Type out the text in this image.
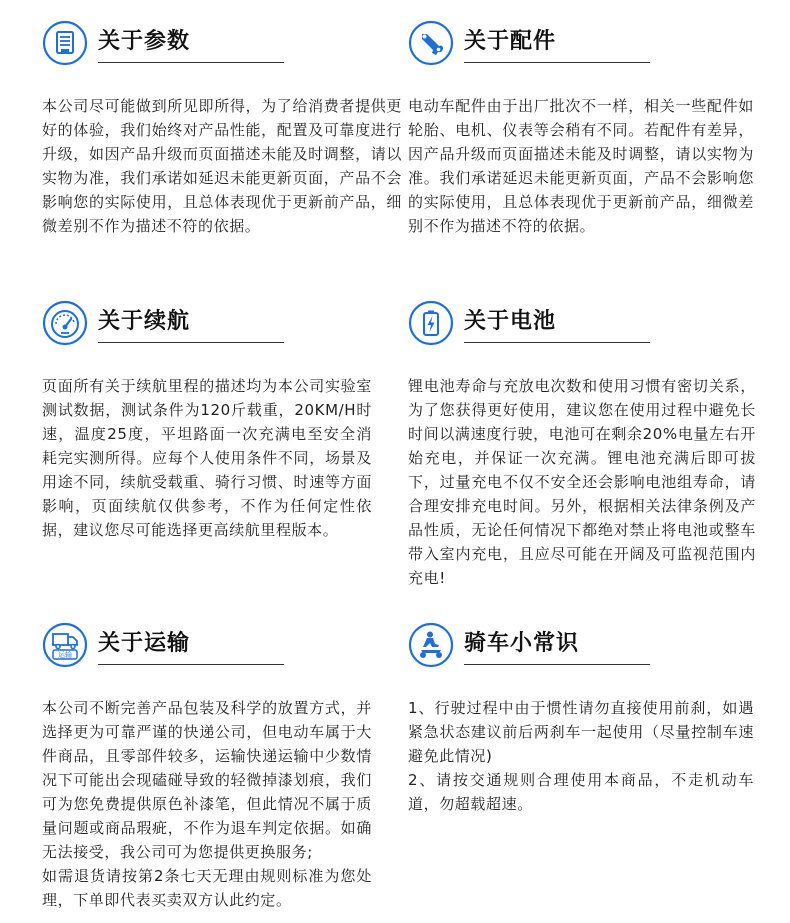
关于参数
本公司尽可能做到所见即所得，为了给消费者提供更好的体验，我们始终对产品性能，配置及可靠度进行升级，如因产品升级而页面描述未能及时调整，请以实物为准，我们承诺如延迟未能更新页面，产品不会影响您的实际使用，且总体表现优于更新前产品，细微差别不作为描述不符的依据。
关于配件
电动车配件由于出厂批次不一样，相关一些配件如轮胎、电机、仪表等会稍有不同。若配件有差异，因产品升级而页面描述未能及时调整，请以实物为准。我们承诺延迟未能更新页面，产品不会影响您的实际使用，且总体表现优于更新前产品，细微差别不作为描述不符的依据。
关于续航
页面所有关于续航里程的描述均为本公司实验室测试数据，测试条件为120斤载重，20KM/H时速，温度25度，平坦路面一次充满电至安全消耗完实测所得。应每个人使用条件不同，场景及用途不同，续航受载重、骑行习惯、时速等方面影响，页面续航仅供参考，不作为任何定性依据，建议您尽可能选择更高续航里程版本。
关于电池
锂电池寿命与充放电次数和使用习惯有密切关系，为了您获得更好使用，建议您在使用过程中避免长时间以满速度行驶，电池可在剩余20%电量左右开始充电，并保证一次充满。锂电池充满后即可拔下，过量充电不仅不安全还会影响电池组寿命，请合理安排充电时间。另外，根据相关法律条例及产品性质，无论任何情况下都绝对禁止将电池或整车带入室内充电，且应尽可能在开阔及可监视范围内充电!
运输 关于运输
本公司不断完善产品包装及科学的放置方式，并选择更为可靠严谨的快递公司，但电动车属于大件商品，且零部件较多，运输快递运输中少数情况下可能出会现磕碰导致的轻微掉漆划痕，我们可为您免费提供原色补漆笔，但此情况不属于质量问题或商品瑕疵，不作为退车判定依据。如确无法接受，我公司可为您提供更换服务;
如需退货请按第2条七天无理由规则标准为您处理，下单即代表买卖双方认此约定。
骑车小常识
1、行驶过程中由于惯性请勿直接使用前刹，如遇紧急状态建议前后两刹车一起使用（尽量控制车速避免此情况)
2、请按交通规则合理使用本商品，不走机动车道，勿超载超速。
